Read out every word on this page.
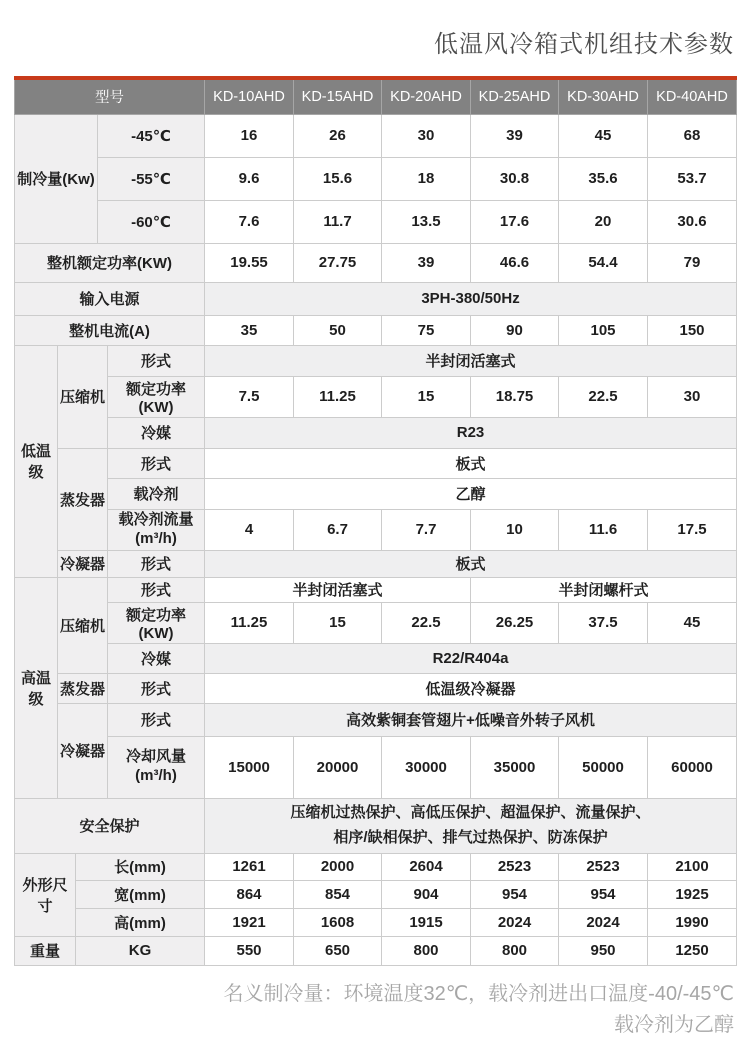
低温风冷箱式机组技术参数
型号					KD-10AHD	KD-15AHD	KD-20AHD	KD-25AHD	KD-30AHD	KD-40AHD
制冷量(Kw)			-45℃		16	26	30	39	45	68
			-55℃		9.6	15.6	18	30.8	35.6	53.7
			-60℃		7.6	11.7	13.5	17.6	20	30.6
整机额定功率(KW)					19.55	27.75	39	46.6	54.4	79
输入电源					3PH-380/50Hz					
整机电流(A)					35	50	75	90	105	150
低温级	压缩机			形式	半封闭活塞式					
				额定功率(KW)	7.5	11.25	15	18.75	22.5	30
				冷媒	R23					
	蒸发器			形式	板式					
				载冷剂	乙醇					
				载冷剂流量(m³/h)	4	6.7	7.7	10	11.6	17.5
	冷凝器			形式	板式					
高温级	压缩机			形式	半封闭活塞式			半封闭螺杆式		
				额定功率(KW)	11.25	15	22.5	26.25	37.5	45
				冷媒	R22/R404a					
	蒸发器			形式	低温级冷凝器					
	冷凝器			形式	高效紫铜套管翅片+低噪音外转子风机					
				冷却风量(m³/h)	15000	20000	30000	35000	50000	60000
安全保护					压缩机过热保护、高低压保护、超温保护、流量保护、
相序/缺相保护、排气过热保护、防冻保护					

外形尺寸		长(mm)			1261	2000	2604	2523	2523	2100
		宽(mm)			864	854	904	954	954	1925
		高(mm)			1921	1608	1915	2024	2024	1990
重量		KG			550	650	800	800	950	1250
名义制冷量：环境温度32℃，载冷剂进出口温度-40/-45℃
载冷剂为乙醇
